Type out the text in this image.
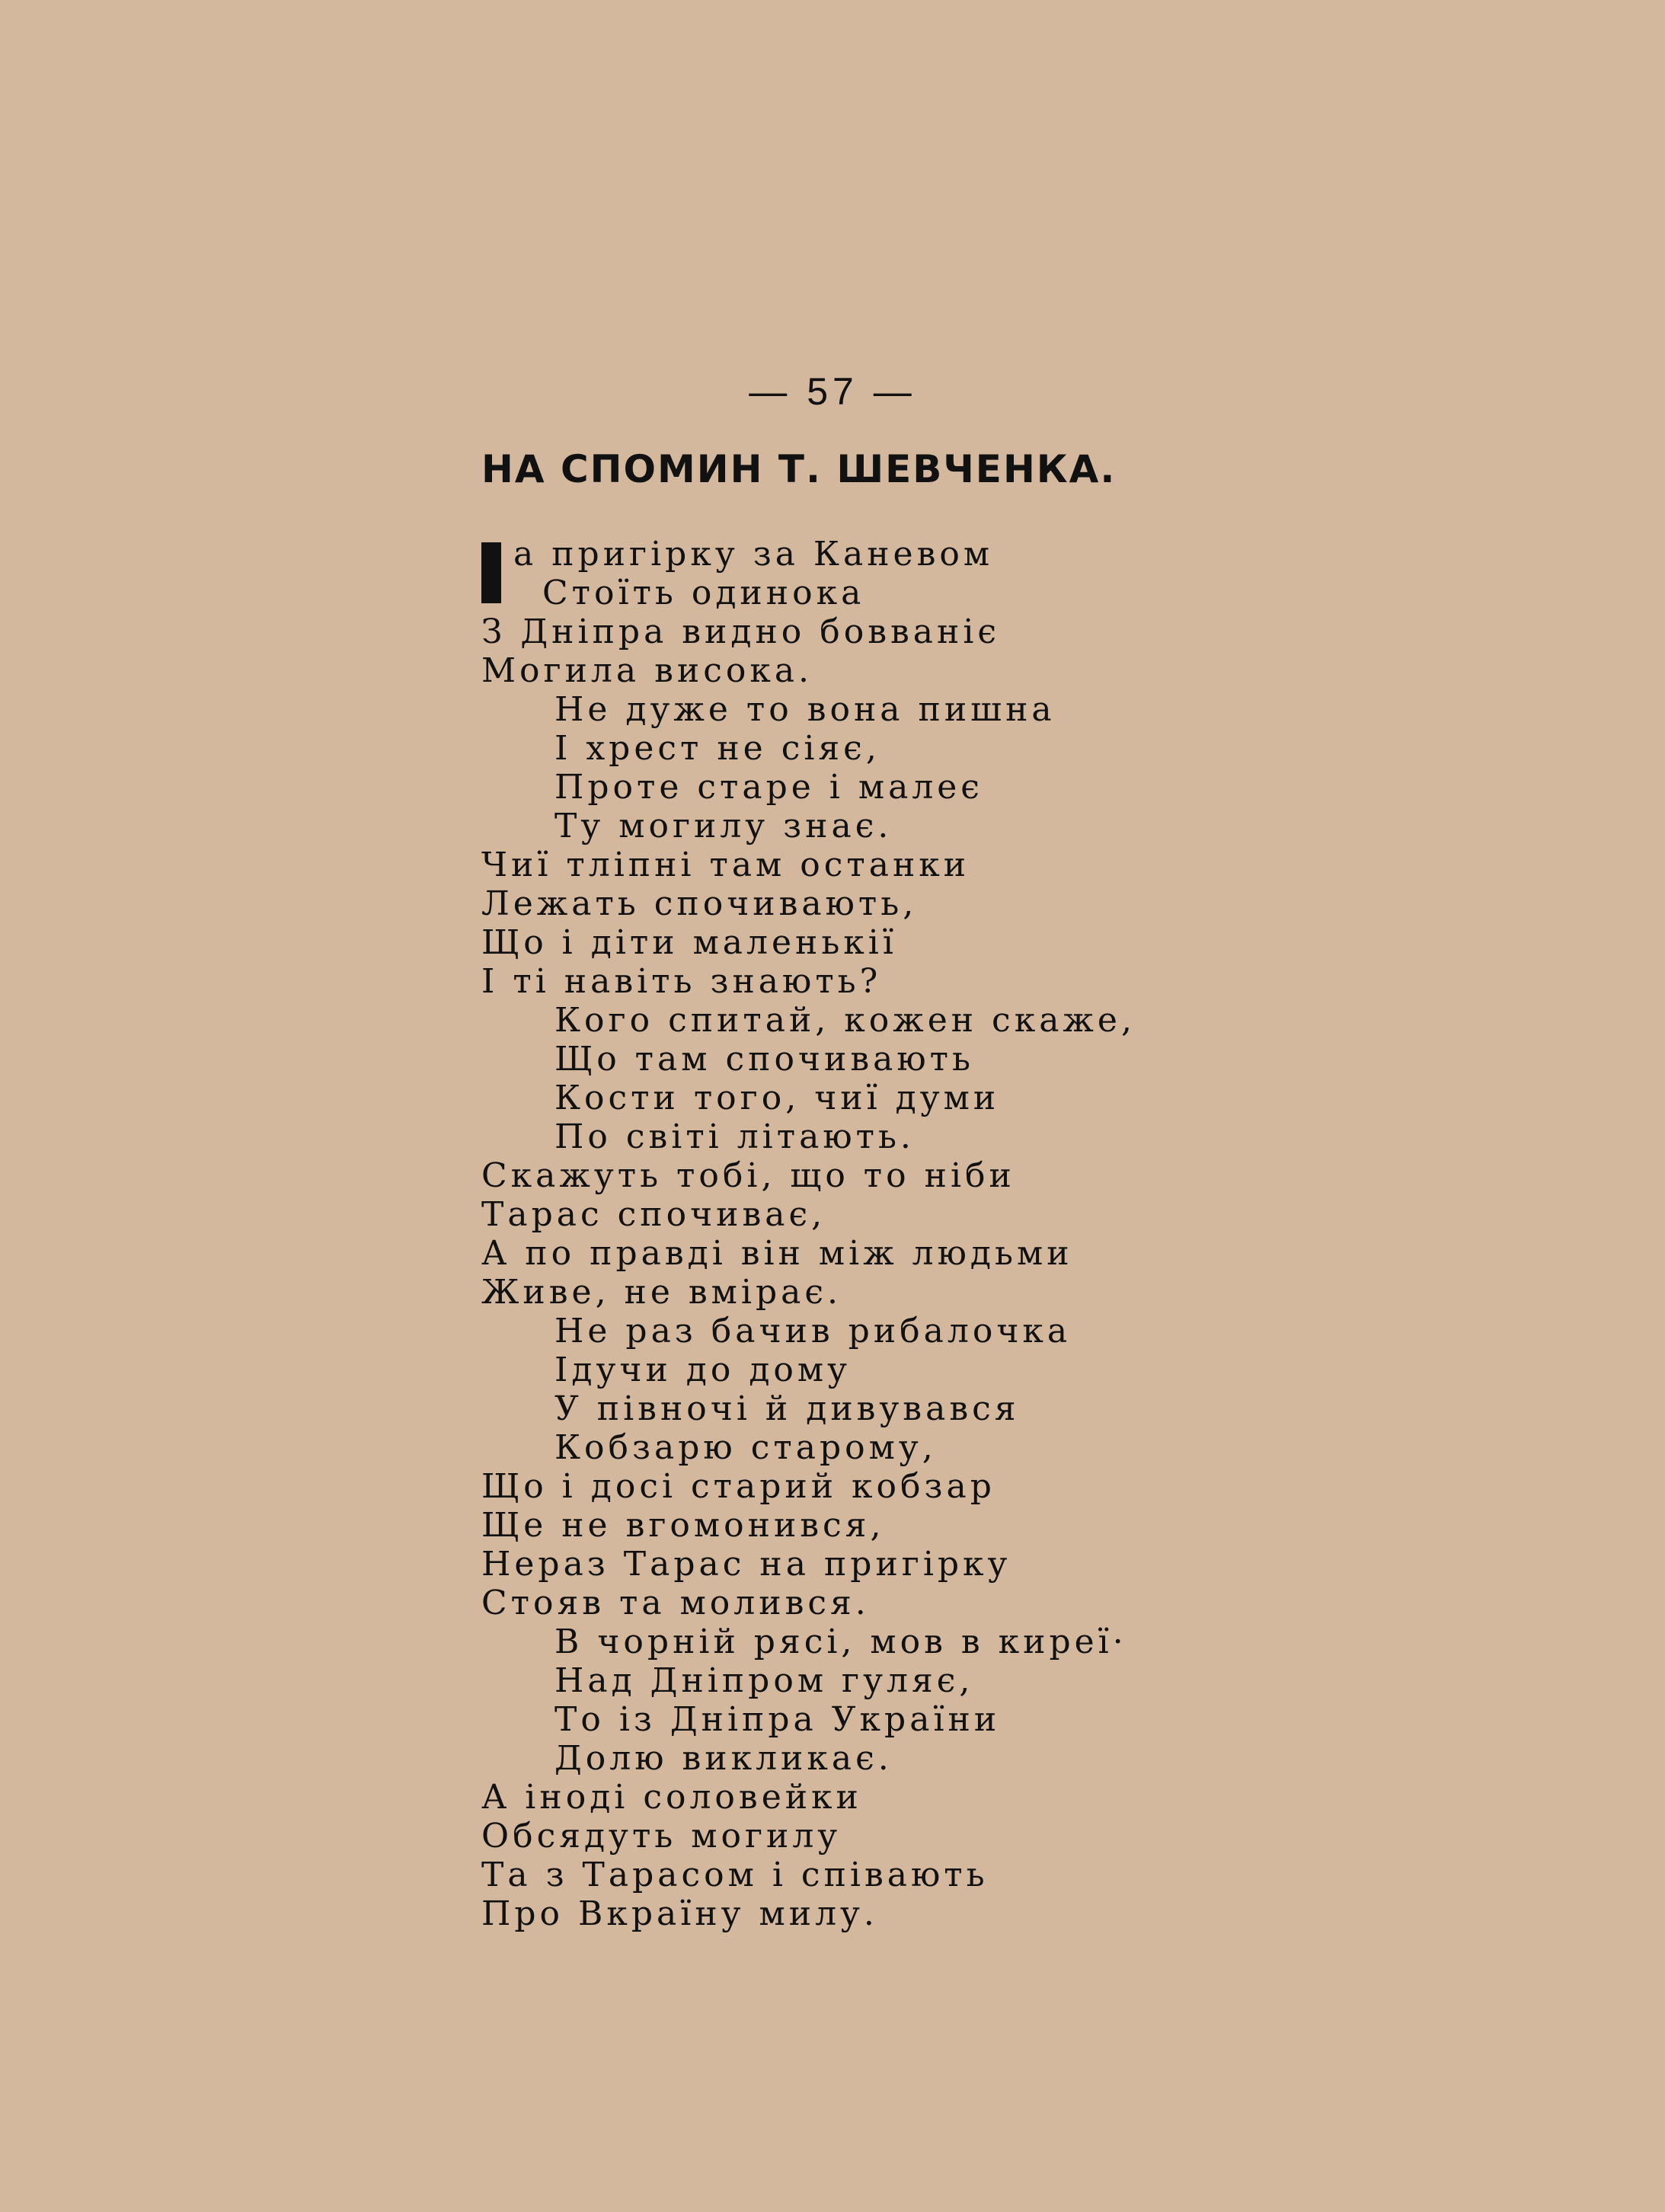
— 57 —
НА СПОМИН Т. ШЕВЧЕНКА.
а пригірку за Каневом
Стоїть одинока
З Дніпра видно бовваніє
Могила висока.
Не дуже то вона пишна
І хрест не сіяє,
Проте старе і малеє
Ту могилу знає.
Чиї тліпні там останки
Лежать спочивають,
Що і діти маленькії
І ті навіть знають?
Кого спитай, кожен скаже,
Що там спочивають
Кости того, чиї думи
По світі літають.
Скажуть тобі, що то ніби
Тарас спочиває,
А по правді він між людьми
Живе, не вмірає.
Не раз бачив рибалочка
Ідучи до дому
У півночі й дивувався
Кобзарю старому,
Що і досі старий кобзар
Ще не вгомонився,
Нераз Тарас на пригірку
Стояв та молився.
В чорній рясі, мов в киреї·
Над Дніпром гуляє,
То із Дніпра України
Долю викликає.
А іноді соловейки
Обсядуть могилу
Та з Тарасом і співають
Про Вкраїну милу.
